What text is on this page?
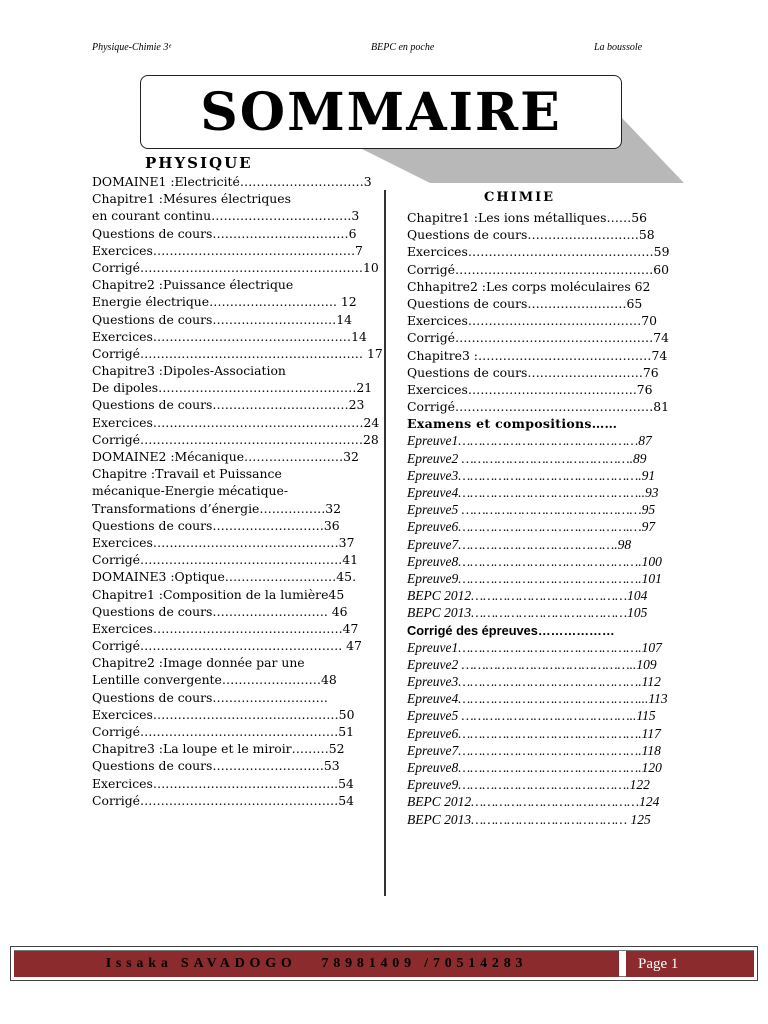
Physique-Chimie 3ᵉ	BEPC en poche	La boussole
SOMMAIRE
PHYSIQUE
CHIMIE
DOMAINE1 :Electricité…………………………3
Chapitre1 :Mésures électriques
en courant continu…………………………….3
Questions de cours……………………………6
Exercices………………………………………….7
Corrigé………………………………………………10
Chapitre2 :Puissance électrique
Energie électrique…………………………. 12
Questions de cours…………………………14
Exercices…………………………………………14
Corrigé……………………………………………… 17
Chapitre3 :Dipoles-Association
De dipoles…………………………………………21
Questions de cours……………………………23
Exercices……………………………………………24
Corrigé………………………………………………28
DOMAINE2 :Mécanique……………………32
Chapitre :Travail et Puissance
mécanique-Energie mécatique-
Transformations d’énergie…………….32
Questions de cours………………………36
Exercices………………………………………37
Corrigé………………………………………….41
DOMAINE3 :Optique………………………45.
Chapitre1 :Composition de la lumière45
Questions de cours………………………. 46
Exercices……………………………………….47
Corrigé…………………………………………. 47
Chapitre2 :Image donnée par une
Lentille convergente……………………48
Questions de cours……………………….
Exercices………………………………………50
Corrigé…………………………………………51
Chapitre3 :La loupe et le miroir………52
Questions de cours………………………53
Exercices……………………………………...54
Corrigé…………………………………………54
Chapitre1 :Les ions métalliques……56
Questions de cours………………………58
Exercices………………………………………59
Corrigé…………………………………………60
Chhapitre2 :Les corps moléculaires 62
Questions de cours……………………65
Exercices……………………………………70
Corrigé…………………………………………74
Chapitre3 :……………………………………74
Questions de cours……………………….76
Exercices…………….…………………….76
Corrigé…………………………………………81
Examens et compositions……
Epreuve1………………………………………87
Epreuve2 …………………………………….89
Epreuve3……………………………………….91
Epreuve4………………………………………..93
Epreuve5 ………………………………………95
Epreuve6…………………………………….…97
Epreuve7………………………………….98
Epreuve8……………………………………….100
Epreuve9……………………………………….101
BEPC 2012…………………………………104
BEPC 2013…………………………………105
Corrigé des épreuves………………
Epreuve1……………………………………….107
Epreuve2 ……………………………………..109
Epreuve3……………………………………….112
Epreuve4………………………………………...113
Epreuve5 ……………………………………..115
Epreuve6……………………………………….117
Epreuve7……………………………………….118
Epreuve8……………………………………….120
Epreuve9…………………………………….122
BEPC 2012……………………………………124
BEPC 2013………………………………… 125
Issaka SAVADOGO   78981409 /70514283	Page 1
